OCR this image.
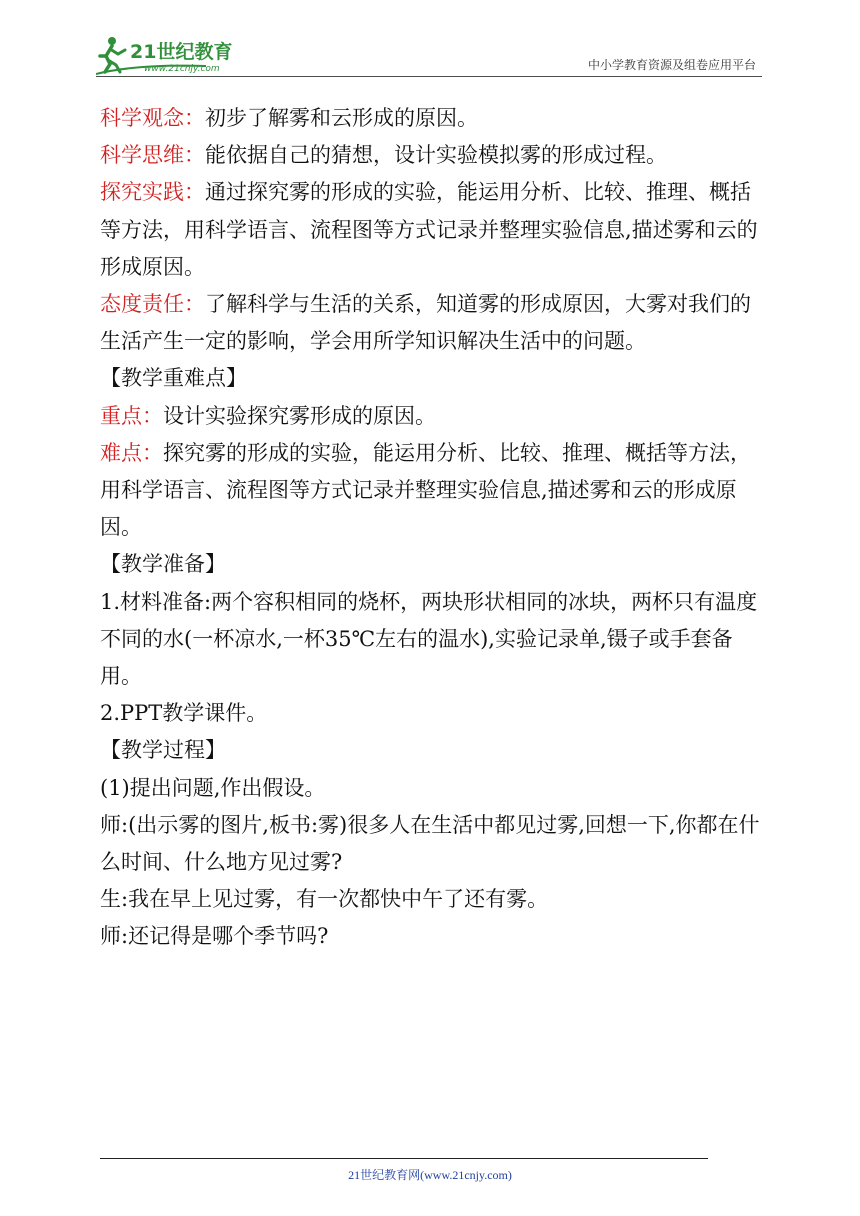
21世纪教育
www.21cnjy.com	中小学教育资源及组卷应用平台

科学观念：初步了解雾和云形成的原因。

科学思维：能依据自己的猜想，设计实验模拟雾的形成过程。

探究实践：通过探究雾的形成的实验，能运用分析、比较、推理、概括等方法，用科学语言、流程图等方式记录并整理实验信息,描述雾和云的形成原因。

态度责任：了解科学与生活的关系，知道雾的形成原因，大雾对我们的生活产生一定的影响，学会用所学知识解决生活中的问题。

【教学重难点】

重点：设计实验探究雾形成的原因。

难点：探究雾的形成的实验，能运用分析、比较、推理、概括等方法，用科学语言、流程图等方式记录并整理实验信息,描述雾和云的形成原因。

【教学准备】

1.材料准备:两个容积相同的烧杯，两块形状相同的冰块，两杯只有温度不同的水(一杯凉水,一杯35℃左右的温水),实验记录单,镊子或手套备用。

2.PPT教学课件。

【教学过程】

(1)提出问题,作出假设。

师:(出示雾的图片,板书:雾)很多人在生活中都见过雾,回想一下,你都在什么时间、什么地方见过雾?

生:我在早上见过雾，有一次都快中午了还有雾。

师:还记得是哪个季节吗?

21世纪教育网(www.21cnjy.com)
